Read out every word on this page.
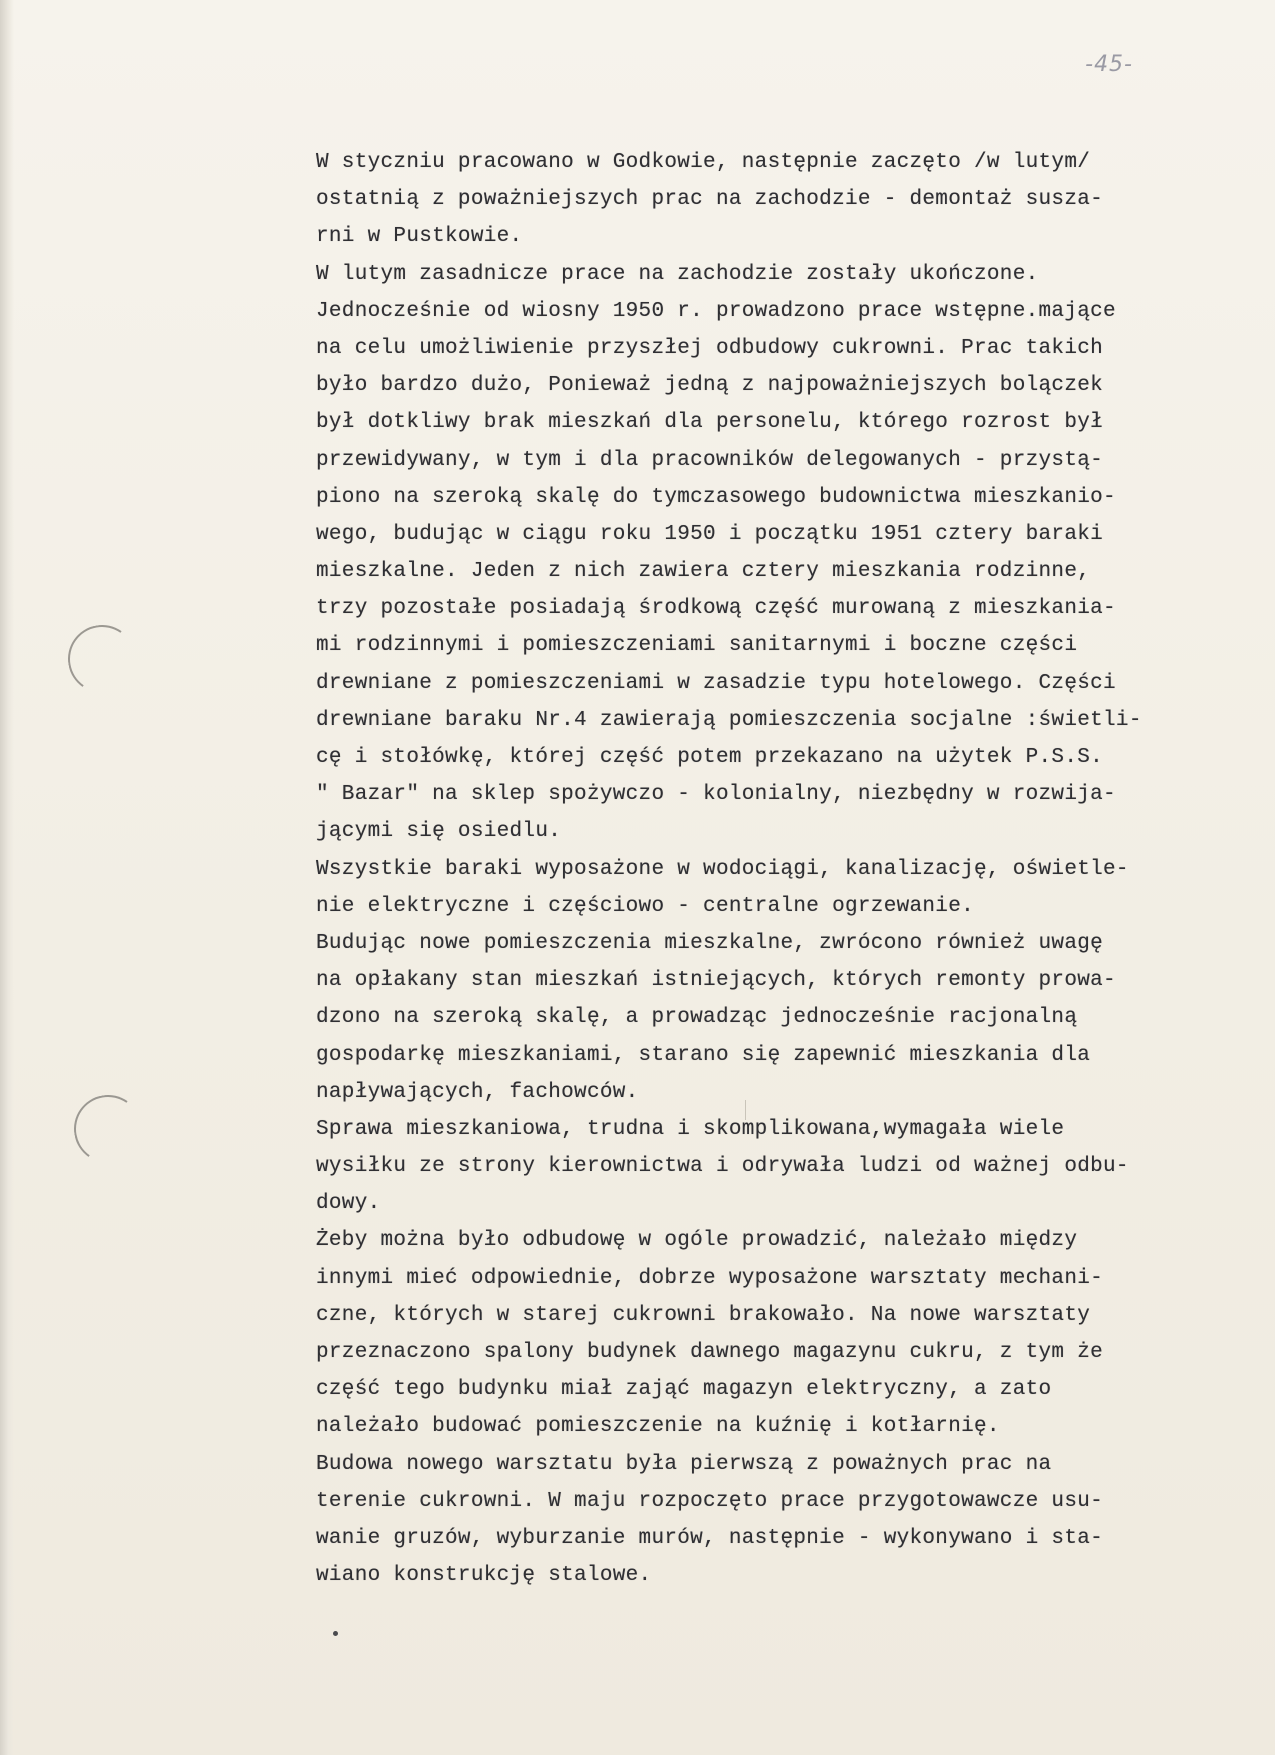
-45-
W styczniu pracowano w Godkowie, następnie zaczęto /w lutym/
ostatnią z poważniejszych prac na zachodzie - demontaż susza-
rni w Pustkowie.
W lutym zasadnicze prace na zachodzie zostały ukończone.
Jednocześnie od wiosny 1950 r. prowadzono prace wstępne.mające
na celu umożliwienie przyszłej odbudowy cukrowni. Prac takich
było bardzo dużo, Ponieważ jedną z najpoważniejszych bolączek
był dotkliwy brak mieszkań dla personelu, którego rozrost był
przewidywany, w tym i dla pracowników delegowanych - przystą-
piono na szeroką skalę do tymczasowego budownictwa mieszkanio-
wego, budując w ciągu roku 1950 i początku 1951 cztery baraki
mieszkalne. Jeden z nich zawiera cztery mieszkania rodzinne,
trzy pozostałe posiadają środkową część murowaną z mieszkania-
mi rodzinnymi i pomieszczeniami sanitarnymi i boczne części
drewniane z pomieszczeniami w zasadzie typu hotelowego. Części
drewniane baraku Nr.4 zawierają pomieszczenia socjalne :świetli-
cę i stołówkę, której część potem przekazano na użytek P.S.S.
" Bazar" na sklep spożywczo - kolonialny, niezbędny w rozwija-
jącymi się osiedlu.
Wszystkie baraki wyposażone w wodociągi, kanalizację, oświetle-
nie elektryczne i częściowo - centralne ogrzewanie.
Budując nowe pomieszczenia mieszkalne, zwrócono również uwagę
na opłakany stan mieszkań istniejących, których remonty prowa-
dzono na szeroką skalę, a prowadząc jednocześnie racjonalną
gospodarkę mieszkaniami, starano się zapewnić mieszkania dla
napływających, fachowców.
Sprawa mieszkaniowa, trudna i skomplikowana,wymagała wiele
wysiłku ze strony kierownictwa i odrywała ludzi od ważnej odbu-
dowy.
Żeby można było odbudowę w ogóle prowadzić, należało między
innymi mieć odpowiednie, dobrze wyposażone warsztaty mechani-
czne, których w starej cukrowni brakowało. Na nowe warsztaty
przeznaczono spalony budynek dawnego magazynu cukru, z tym że
część tego budynku miał zająć magazyn elektryczny, a zato
należało budować pomieszczenie na kuźnię i kotłarnię.
Budowa nowego warsztatu była pierwszą z poważnych prac na
terenie cukrowni. W maju rozpoczęto prace przygotowawcze usu-
wanie gruzów, wyburzanie murów, następnie - wykonywano i sta-
wiano konstrukcję stalowe.
